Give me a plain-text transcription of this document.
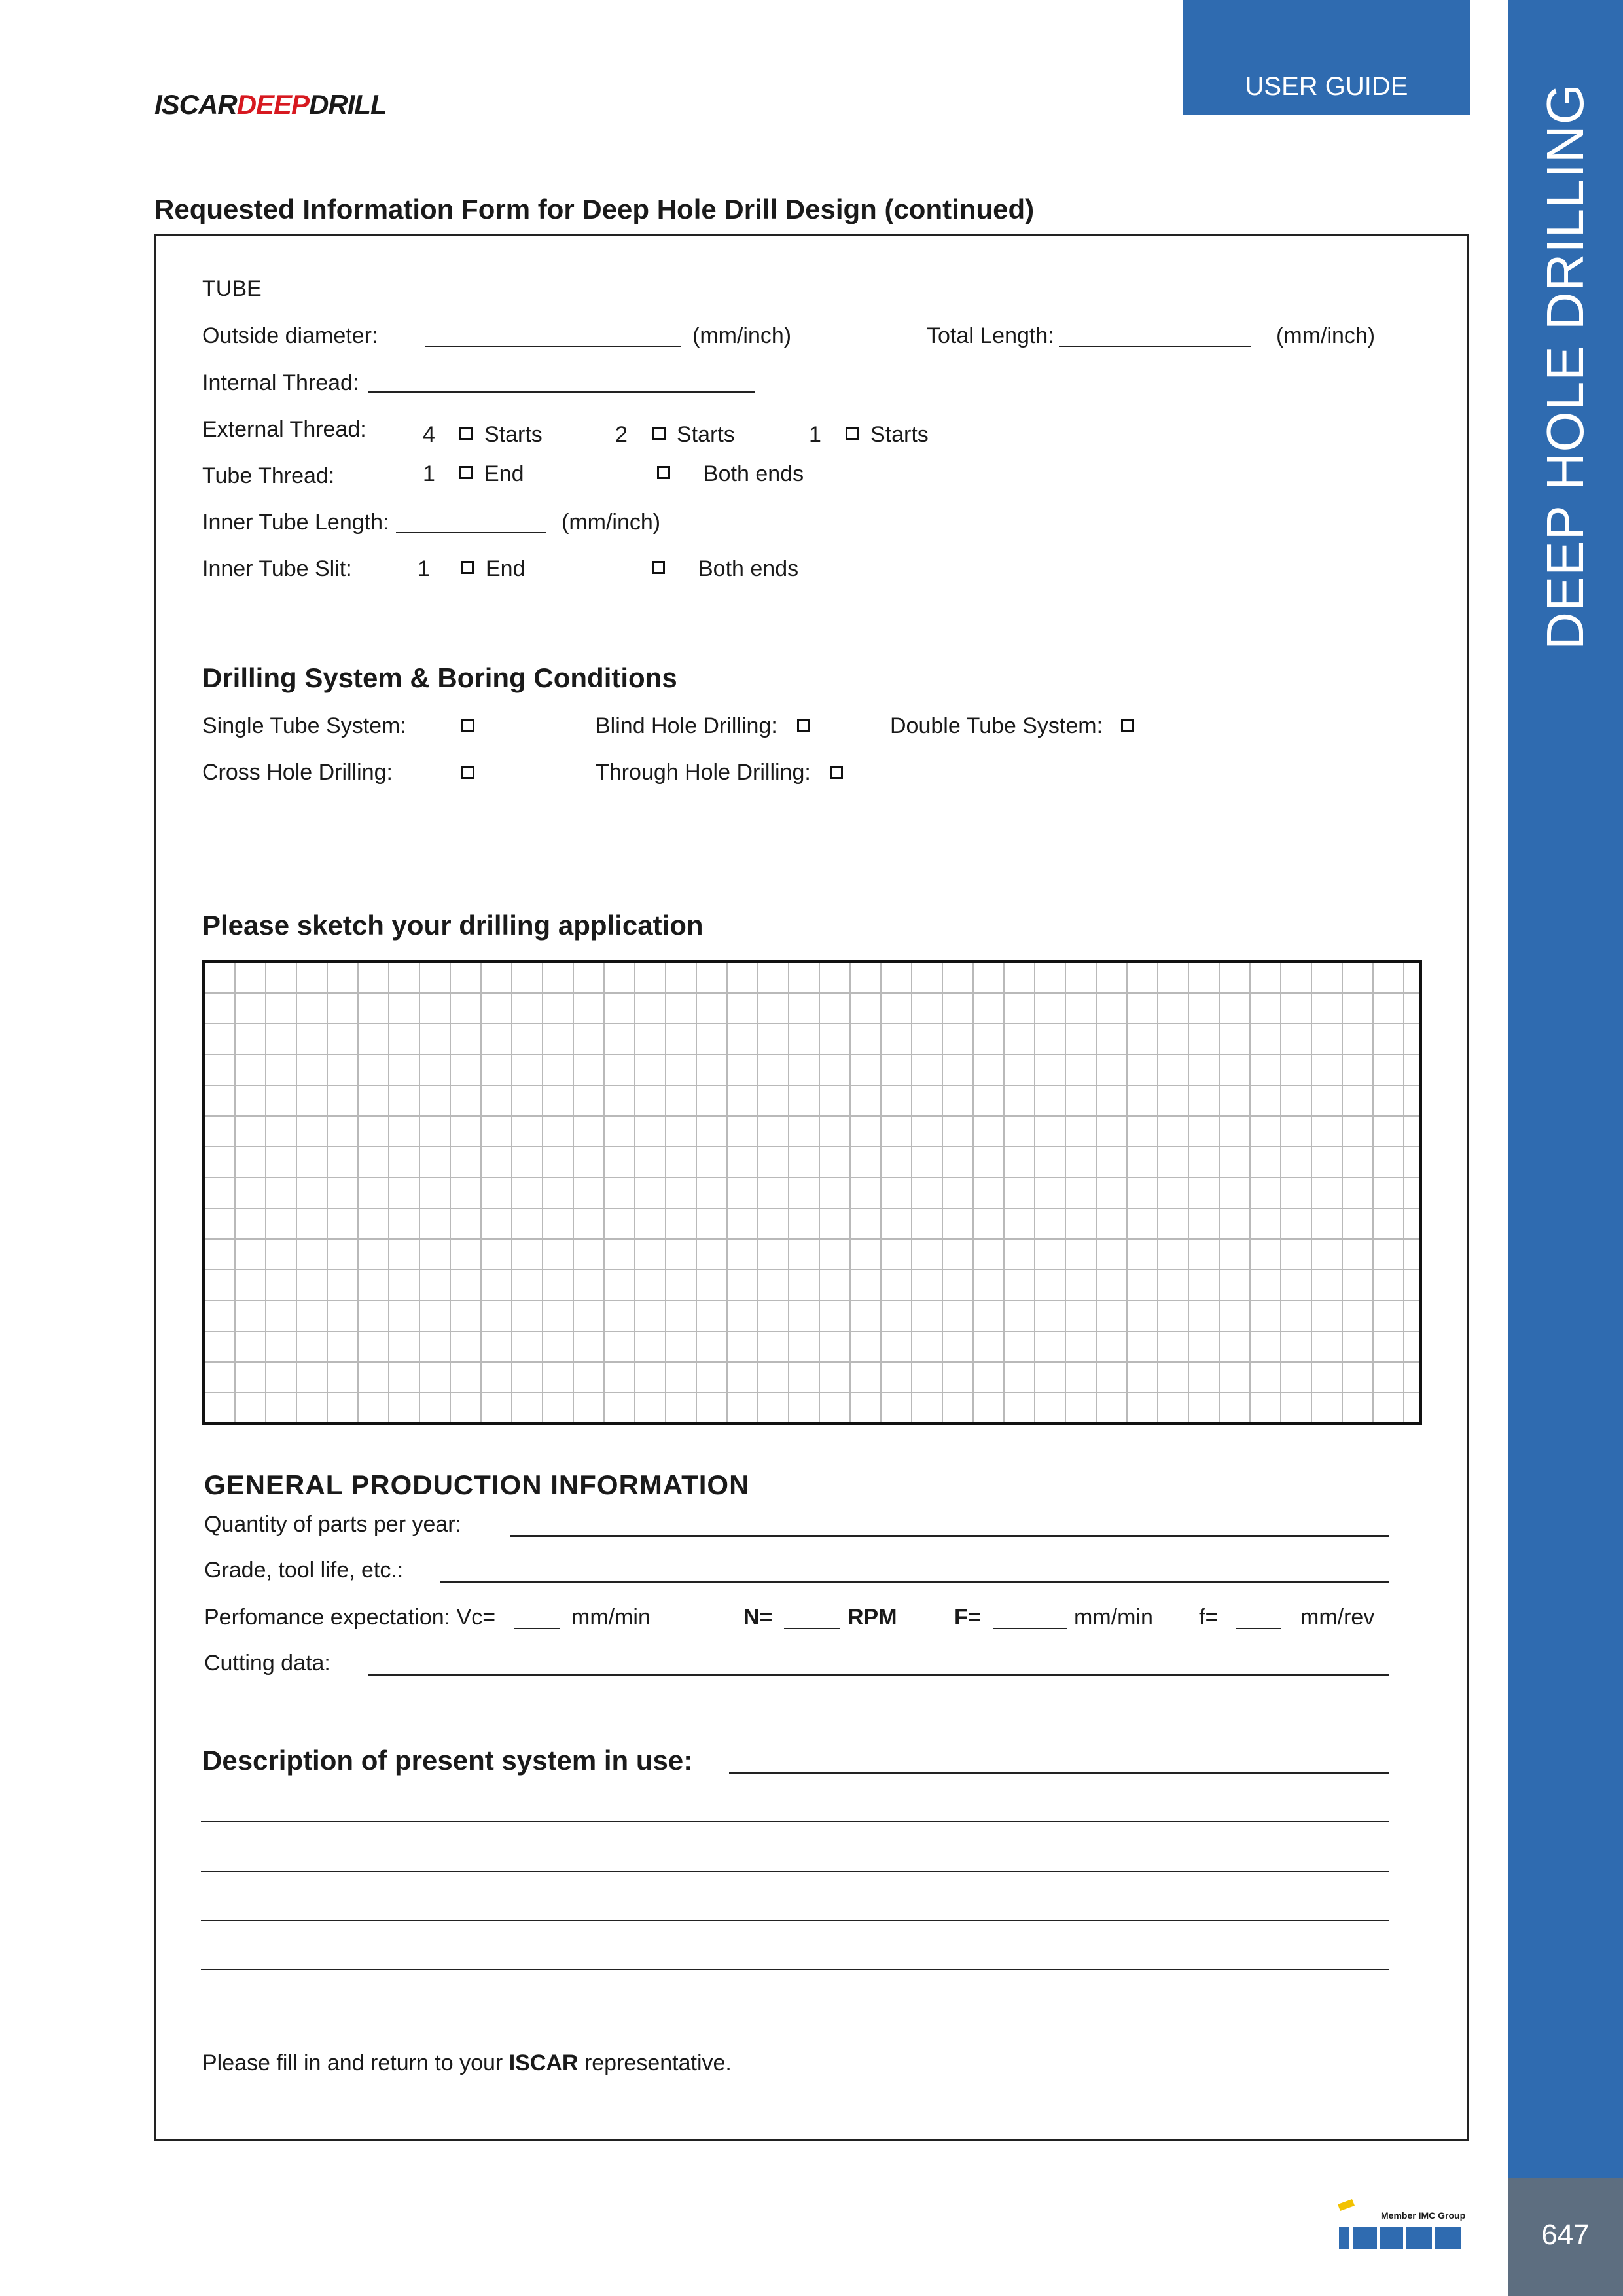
DEEP HOLE DRILLING
647
USER GUIDE
ISCARDEEPDRILL
Requested Information Form for Deep Hole Drill Design (continued)
TUBE
Outside diameter:	(mm/inch)	Total Length:	(mm/inch)
Internal Thread:
External Thread:	4 Starts	2 Starts	1 Starts
Tube Thread:	1 End	Both ends
Inner Tube Length:	(mm/inch)
Inner Tube Slit:	1	End	Both ends
Drilling System & Boring Conditions
Single Tube System:	Blind Hole Drilling:	Double Tube System:
Cross Hole Drilling:	Through Hole Drilling:
Please sketch your drilling application
GENERAL PRODUCTION INFORMATION
Quantity of parts per year:
Grade, tool life, etc.:
Perfomance expectation: Vc=	mm/min	N=	RPM	F=	mm/min f=	mm/rev
Cutting data:
Description of present system in use:
Please fill in and return to your ISCAR representative.
Member IMC Group
